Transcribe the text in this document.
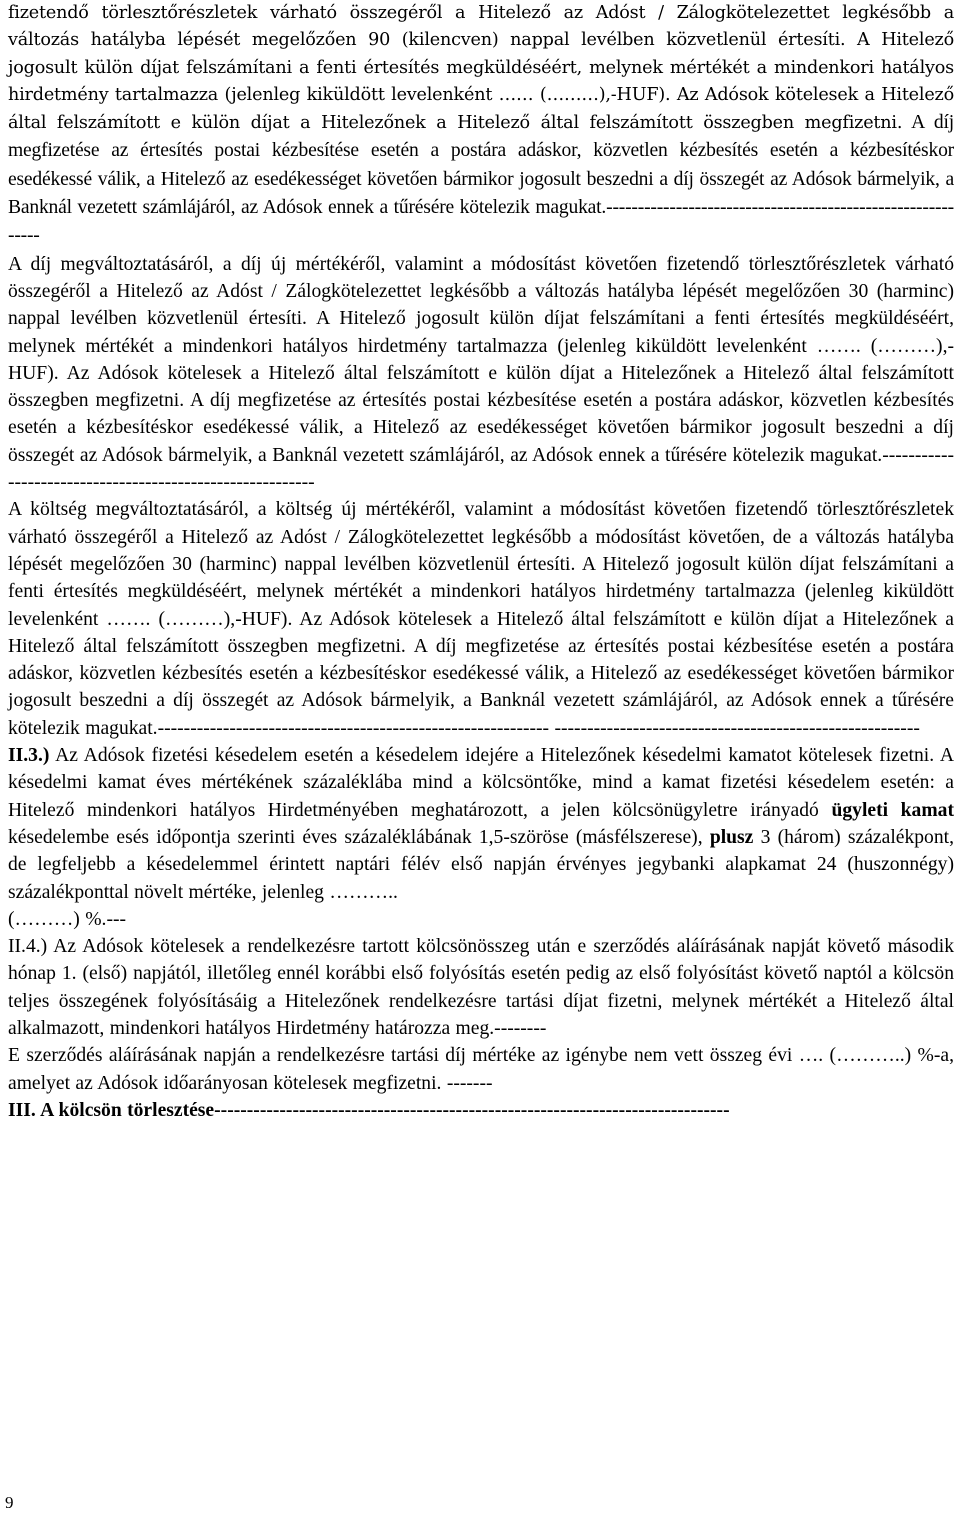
fizetendő törlesztőrészletek várható összegéről a Hitelező az Adóst / Zálogkötelezettet legkésőbb a változás hatályba lépését megelőzően 90 (kilencven) nappal levélben közvetlenül értesíti. A Hitelező jogosult külön díjat felszámítani a fenti értesítés megküldéséért, melynek mértékét a mindenkori hatályos hirdetmény tartalmazza (jelenleg kiküldött levelenként …… (………),-HUF). Az Adósok kötelesek a Hitelező által felszámított e külön díjat a Hitelezőnek a Hitelező által felszámított összegben megfizetni. A díj megfizetése az értesítés postai kézbesítése esetén a postára adáskor, közvetlen kézbesítés esetén a kézbesítéskor esedékessé válik, a Hitelező az esedékességet követően bármikor jogosult beszedni a díj összegét az Adósok bármelyik, a Banknál vezetett számlájáról, az Adósok ennek a tűrésére kötelezik magukat.------------------------------------------------------------

A díj megváltoztatásáról, a díj új mértékéről, valamint a módosítást követően fizetendő törlesztőrészletek várható összegéről a Hitelező az Adóst / Zálogkötelezettet legkésőbb a változás hatályba lépését megelőzően 30 (harminc) nappal levélben közvetlenül értesíti. A Hitelező jogosult külön díjat felszámítani a fenti értesítés megküldéséért, melynek mértékét a mindenkori hatályos hirdetmény tartalmazza (jelenleg kiküldött levelenként ……. (………),-HUF). Az Adósok kötelesek a Hitelező által felszámított e külön díjat a Hitelezőnek a Hitelező által felszámított összegben megfizetni. A díj megfizetése az értesítés postai kézbesítése esetén a postára adáskor, közvetlen kézbesítés esetén a kézbesítéskor esedékessé válik, a Hitelező az esedékességet követően bármikor jogosult beszedni a díj összegét az Adósok bármelyik, a Banknál vezetett számlájáról, az Adósok ennek a tűrésére kötelezik magukat.----------------------------------------------------------

A költség megváltoztatásáról, a költség új mértékéről, valamint a módosítást követően fizetendő törlesztőrészletek várható összegéről a Hitelező az Adóst / Zálogkötelezettet legkésőbb a módosítást követően, de a változás hatályba lépését megelőzően 30 (harminc) nappal levélben közvetlenül értesíti. A Hitelező jogosult külön díjat felszámítani a fenti értesítés megküldéséért, melynek mértékét a mindenkori hatályos hirdetmény tartalmazza (jelenleg kiküldött levelenként ……. (………),-HUF). Az Adósok kötelesek a Hitelező által felszámított e külön díjat a Hitelezőnek a Hitelező által felszámított összegben megfizetni. A díj megfizetése az értesítés postai kézbesítése esetén a postára adáskor, közvetlen kézbesítés esetén a kézbesítéskor esedékessé válik, a Hitelező az esedékességet követően bármikor jogosult beszedni a díj összegét az Adósok bármelyik, a Banknál vezetett számlájáról, az Adósok ennek a tűrésére kötelezik magukat.------------------------------------------------------------ --------------------------------------------------------

II.3.) Az Adósok fizetési késedelem esetén a késedelem idejére a Hitelezőnek késedelmi kamatot kötelesek fizetni. A késedelmi kamat éves mértékének százaléklába mind a kölcsöntőke, mind a kamat fizetési késedelem esetén: a Hitelező mindenkori hatályos Hirdetményében meghatározott, a jelen kölcsönügyletre irányadó ügyleti kamat késedelembe esés időpontja szerinti éves százaléklábának 1,5-szöröse (másfélszerese), plusz 3 (három) százalékpont, de legfeljebb a késedelemmel érintett naptári félév első napján érvényes jegybanki alapkamat 24 (huszonnégy) százalékponttal növelt mértéke, jelenleg ………..
(………) %.---

II.4.) Az Adósok kötelesek a rendelkezésre tartott kölcsönösszeg után e szerződés aláírásának napját követő második hónap 1. (első) napjától, illetőleg ennél korábbi első folyósítás esetén pedig az első folyósítást követő naptól a kölcsön teljes összegének folyósításáig a Hitelezőnek rendelkezésre tartási díjat fizetni, melynek mértékét a Hitelező által alkalmazott, mindenkori hatályos Hirdetmény határozza meg.--------

E szerződés aláírásának napján a rendelkezésre tartási díj mértéke az igénybe nem vett összeg évi …. (………..) %-a, amelyet az Adósok időarányosan kötelesek megfizetni. -------

III. A kölcsön törlesztése-------------------------------------------------------------------------------

9
